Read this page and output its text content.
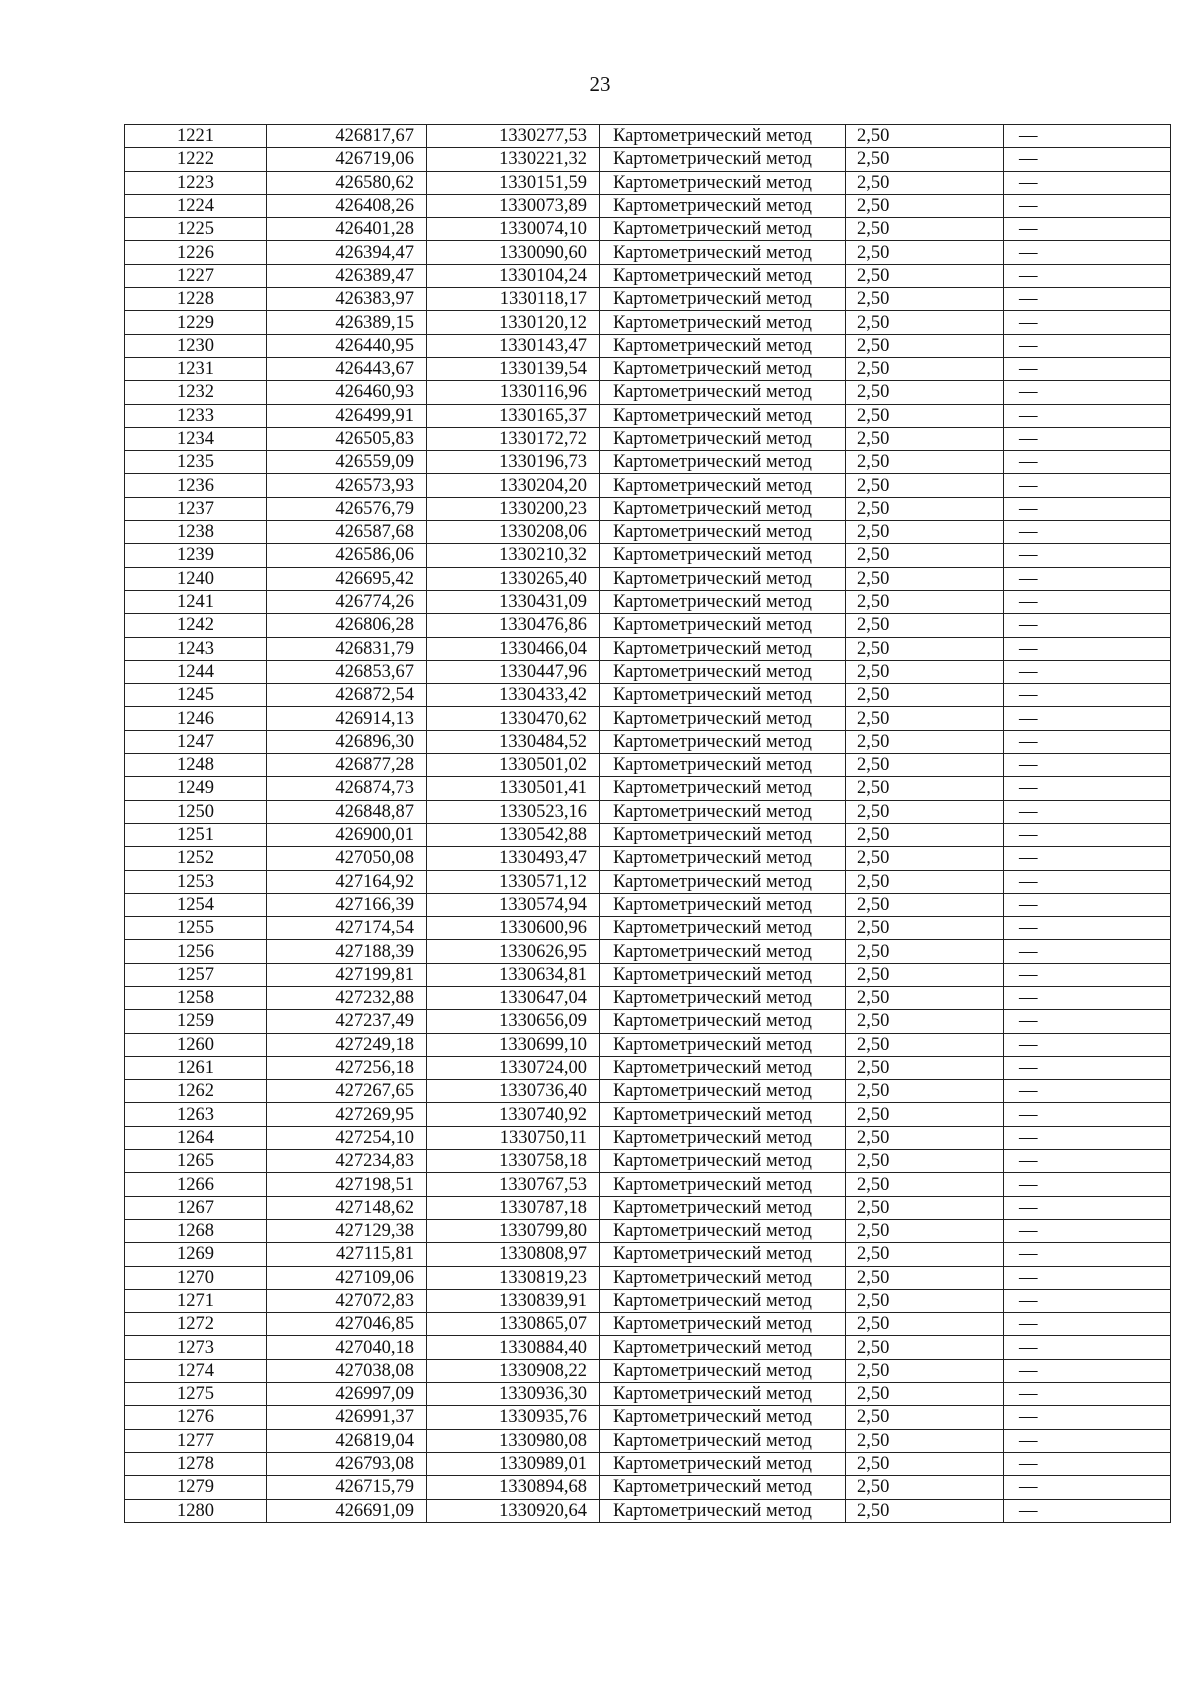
23
1221	426817,67	1330277,53	Картометрический метод	2,50	—
1222	426719,06	1330221,32	Картометрический метод	2,50	—
1223	426580,62	1330151,59	Картометрический метод	2,50	—
1224	426408,26	1330073,89	Картометрический метод	2,50	—
1225	426401,28	1330074,10	Картометрический метод	2,50	—
1226	426394,47	1330090,60	Картометрический метод	2,50	—
1227	426389,47	1330104,24	Картометрический метод	2,50	—
1228	426383,97	1330118,17	Картометрический метод	2,50	—
1229	426389,15	1330120,12	Картометрический метод	2,50	—
1230	426440,95	1330143,47	Картометрический метод	2,50	—
1231	426443,67	1330139,54	Картометрический метод	2,50	—
1232	426460,93	1330116,96	Картометрический метод	2,50	—
1233	426499,91	1330165,37	Картометрический метод	2,50	—
1234	426505,83	1330172,72	Картометрический метод	2,50	—
1235	426559,09	1330196,73	Картометрический метод	2,50	—
1236	426573,93	1330204,20	Картометрический метод	2,50	—
1237	426576,79	1330200,23	Картометрический метод	2,50	—
1238	426587,68	1330208,06	Картометрический метод	2,50	—
1239	426586,06	1330210,32	Картометрический метод	2,50	—
1240	426695,42	1330265,40	Картометрический метод	2,50	—
1241	426774,26	1330431,09	Картометрический метод	2,50	—
1242	426806,28	1330476,86	Картометрический метод	2,50	—
1243	426831,79	1330466,04	Картометрический метод	2,50	—
1244	426853,67	1330447,96	Картометрический метод	2,50	—
1245	426872,54	1330433,42	Картометрический метод	2,50	—
1246	426914,13	1330470,62	Картометрический метод	2,50	—
1247	426896,30	1330484,52	Картометрический метод	2,50	—
1248	426877,28	1330501,02	Картометрический метод	2,50	—
1249	426874,73	1330501,41	Картометрический метод	2,50	—
1250	426848,87	1330523,16	Картометрический метод	2,50	—
1251	426900,01	1330542,88	Картометрический метод	2,50	—
1252	427050,08	1330493,47	Картометрический метод	2,50	—
1253	427164,92	1330571,12	Картометрический метод	2,50	—
1254	427166,39	1330574,94	Картометрический метод	2,50	—
1255	427174,54	1330600,96	Картометрический метод	2,50	—
1256	427188,39	1330626,95	Картометрический метод	2,50	—
1257	427199,81	1330634,81	Картометрический метод	2,50	—
1258	427232,88	1330647,04	Картометрический метод	2,50	—
1259	427237,49	1330656,09	Картометрический метод	2,50	—
1260	427249,18	1330699,10	Картометрический метод	2,50	—
1261	427256,18	1330724,00	Картометрический метод	2,50	—
1262	427267,65	1330736,40	Картометрический метод	2,50	—
1263	427269,95	1330740,92	Картометрический метод	2,50	—
1264	427254,10	1330750,11	Картометрический метод	2,50	—
1265	427234,83	1330758,18	Картометрический метод	2,50	—
1266	427198,51	1330767,53	Картометрический метод	2,50	—
1267	427148,62	1330787,18	Картометрический метод	2,50	—
1268	427129,38	1330799,80	Картометрический метод	2,50	—
1269	427115,81	1330808,97	Картометрический метод	2,50	—
1270	427109,06	1330819,23	Картометрический метод	2,50	—
1271	427072,83	1330839,91	Картометрический метод	2,50	—
1272	427046,85	1330865,07	Картометрический метод	2,50	—
1273	427040,18	1330884,40	Картометрический метод	2,50	—
1274	427038,08	1330908,22	Картометрический метод	2,50	—
1275	426997,09	1330936,30	Картометрический метод	2,50	—
1276	426991,37	1330935,76	Картометрический метод	2,50	—
1277	426819,04	1330980,08	Картометрический метод	2,50	—
1278	426793,08	1330989,01	Картометрический метод	2,50	—
1279	426715,79	1330894,68	Картометрический метод	2,50	—
1280	426691,09	1330920,64	Картометрический метод	2,50	—
